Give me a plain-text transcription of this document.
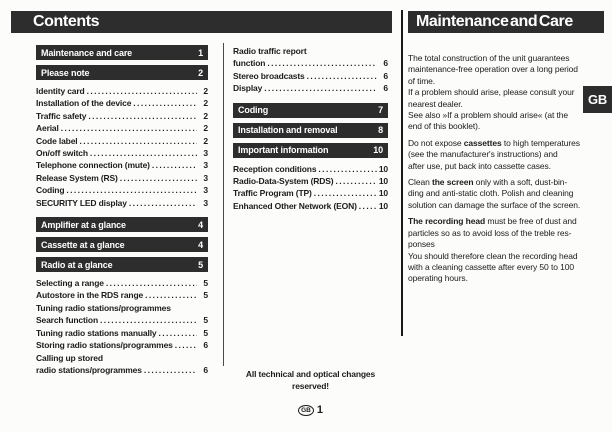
Contents
Maintenance and care	1
Please note	2
Identity card .....	2
Installation of the device .....	2
Traffic safety .....	2
Aerial .....	2
Code label .....	2
On/off switch .....	3
Telephone connection (mute) .....	3
Release System (RS) .....	3
Coding .....	3
SECURITY LED display .....	3
Amplifier at a glance	4
Cassette at a glance	4
Radio at a glance	5
Selecting a range .....	5
Autostore in the RDS range .....	5
Tuning radio stations/programmes
Search function .....	5
Tuning radio stations manually .....	5
Storing radio stations/programmes .....	6
Calling up stored
radio stations/programmes .....	6
Radio traffic report
function .....	6
Stereo broadcasts .....	6
Display .....	6
Coding	7
Installation and removal	8
Important information	10
Reception conditions .....	10
Radio-Data-System (RDS) .....	10
Traffic Program (TP) .....	10
Enhanced Other Network (EON) .....	10
All technical and optical changes
reserved!
GB 1
Maintenance and Care
The total construction of the unit guarantees
maintenance-free operation over a long period
of time.
If a problem should arise, please consult your
nearest dealer.
See also »If a problem should arise« (at the
end of this booklet).
Do not expose cassettes to high temperatures
(see the manufacturer's instructions) and
after use, put back into cassette cases.
Clean the screen only with a soft, dust-bin-
ding and anti-static cloth. Polish and cleaning
solution can damage the surface of the screen.
The recording head must be free of dust and
particles so as to avoid loss of the treble res-
ponses
You should therefore clean the recording head
with a cleaning cassette after every 50 to 100
operating hours.
GB
